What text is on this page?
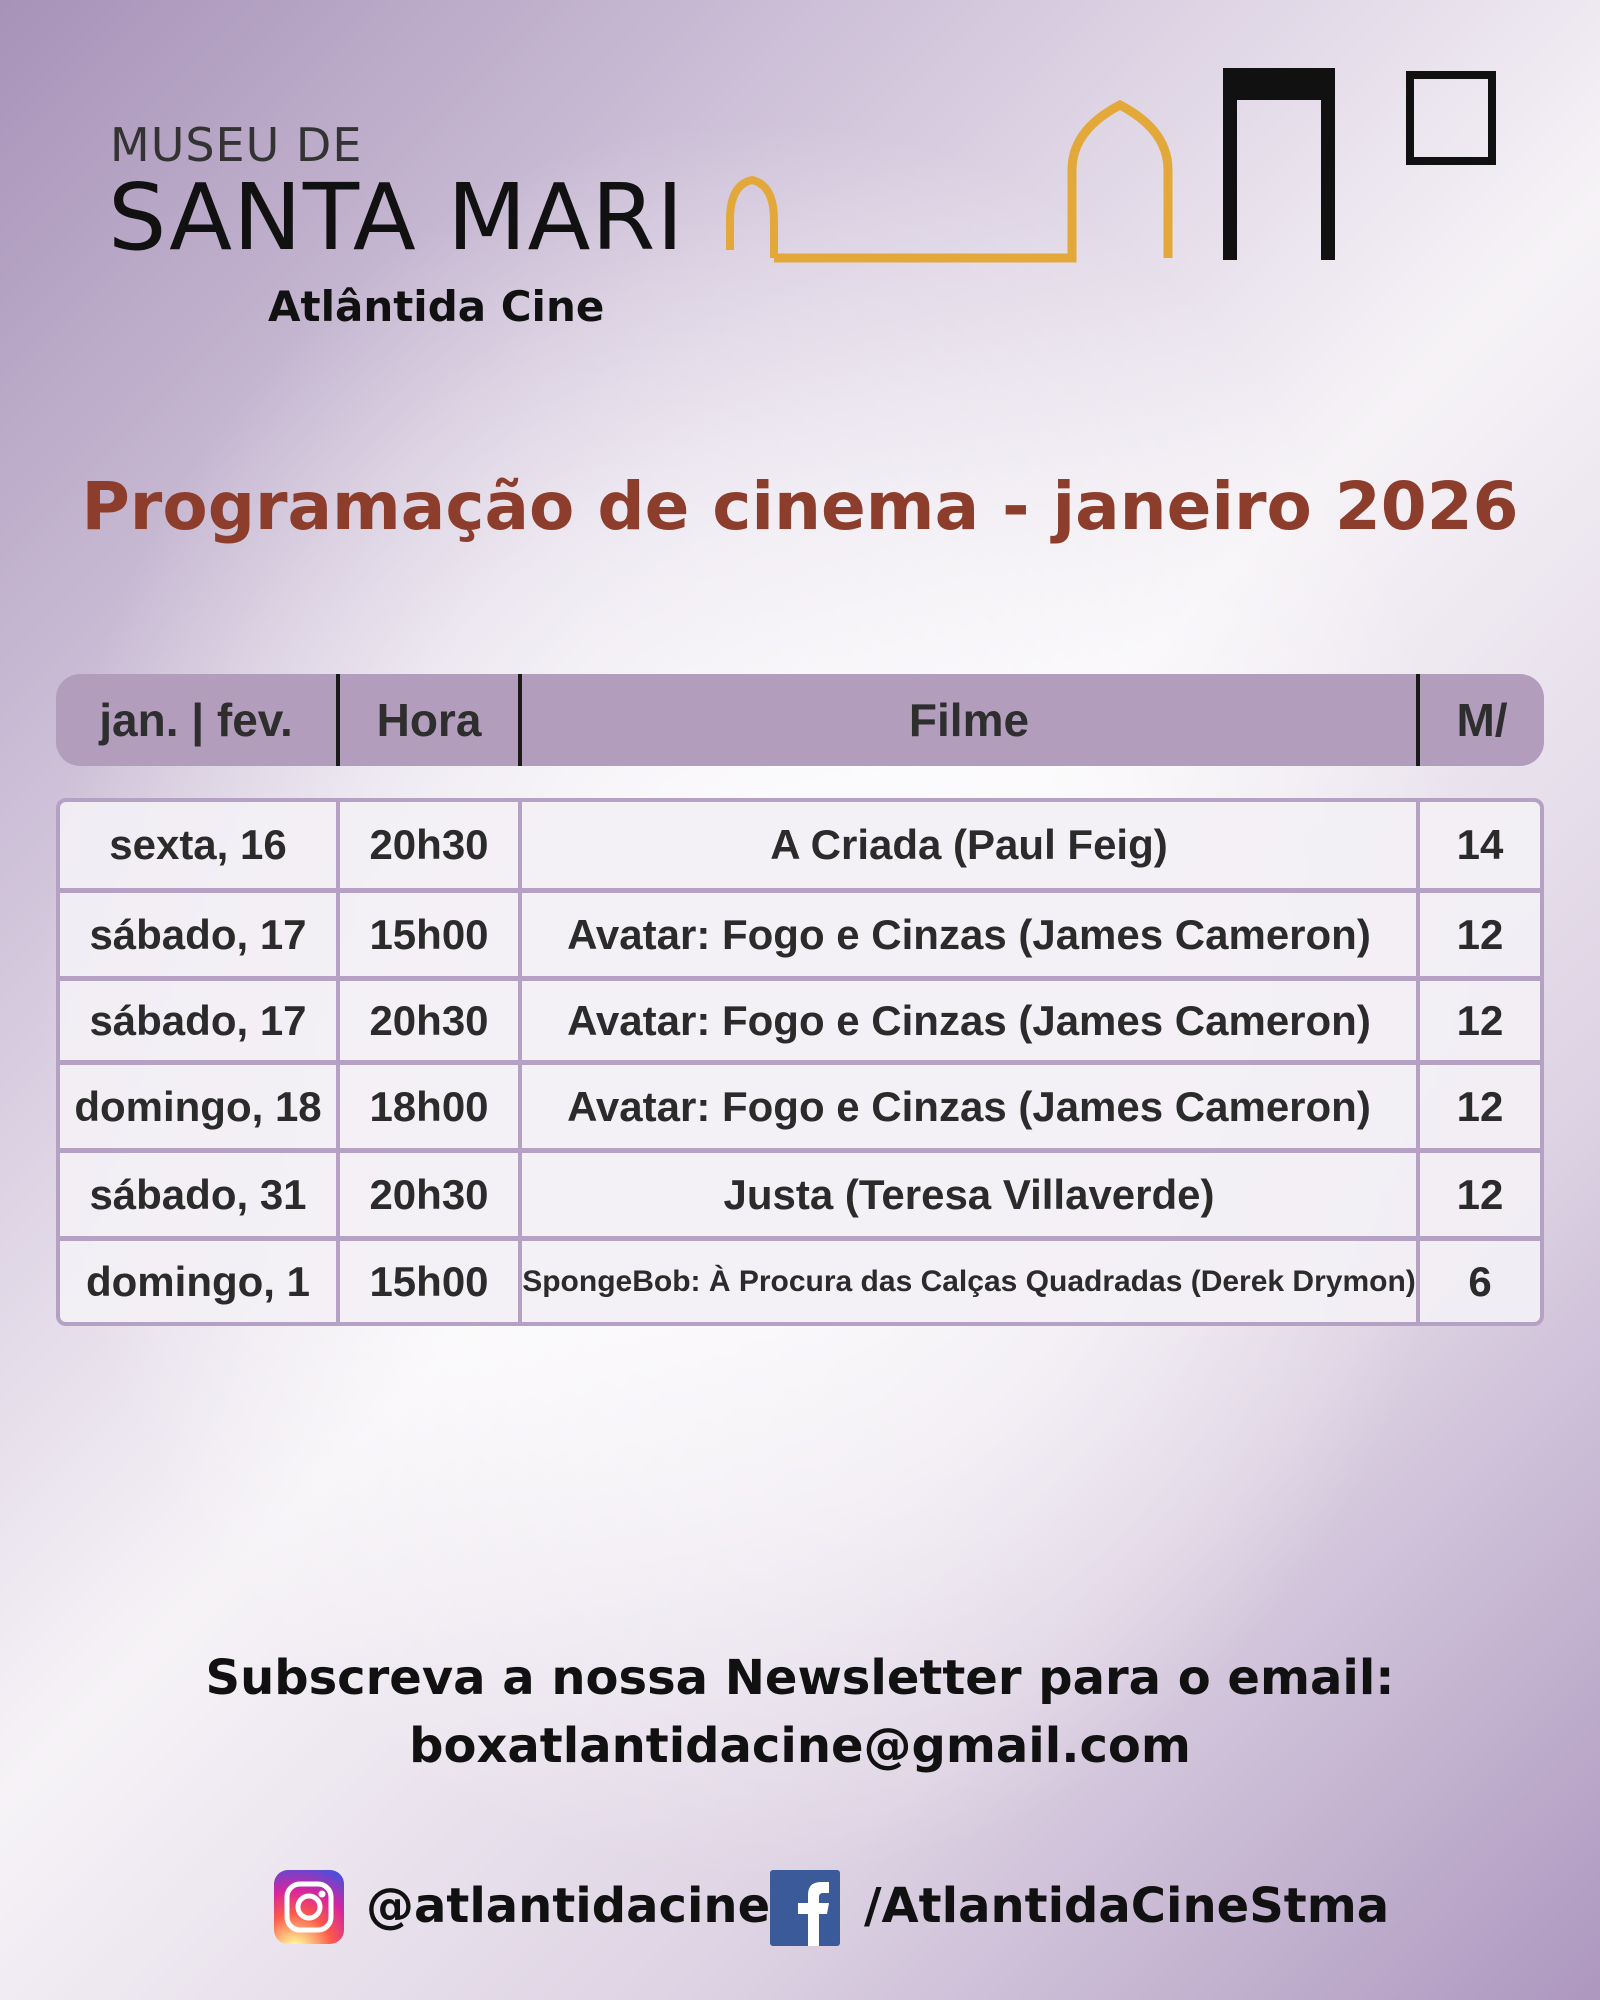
MUSEU DE
SANTA MARI
Atlântida Cine
Programação de cinema - janeiro 2026
jan. | fev.	Hora	Filme	M/
sexta, 16	20h30	A Criada (Paul Feig)	14
sábado, 17	15h00	Avatar: Fogo e Cinzas (James Cameron)	12
sábado, 17	20h30	Avatar: Fogo e Cinzas (James Cameron)	12
domingo, 18	18h00	Avatar: Fogo e Cinzas (James Cameron)	12
sábado, 31	20h30	Justa (Teresa Villaverde)	12
domingo, 1	15h00	SpongeBob: À Procura das Calças Quadradas (Derek Drymon)	6
Subscreva a nossa Newsletter para o email:
boxatlantidacine@gmail.com
@atlantidacine /AtlantidaCineStma
